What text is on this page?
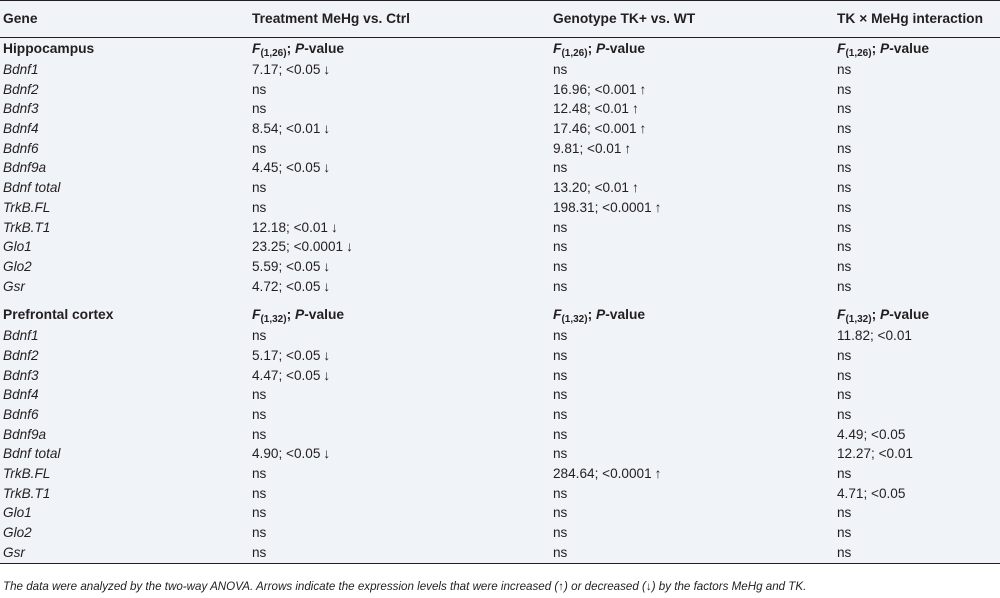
Gene	Treatment MeHg vs. Ctrl	Genotype TK+ vs. WT	TK × MeHg interaction
Hippocampus	$F_{(1,26)}$; P-value	$F_{(1,26)}$; P-value	$F_{(1,26)}$; P-value
Bdnf1	7.17; <0.05 ↓	ns	ns
Bdnf2	ns	16.96; <0.001 ↑	ns
Bdnf3	ns	12.48; <0.01 ↑	ns
Bdnf4	8.54; <0.01 ↓	17.46; <0.001 ↑	ns
Bdnf6	ns	9.81; <0.01 ↑	ns
Bdnf9a	4.45; <0.05 ↓	ns	ns
Bdnf total	ns	13.20; <0.01 ↑	ns
TrkB.FL	ns	198.31; <0.0001 ↑	ns
TrkB.T1	12.18; <0.01 ↓	ns	ns
Glo1	23.25; <0.0001 ↓	ns	ns
Glo2	5.59; <0.05 ↓	ns	ns
Gsr	4.72; <0.05 ↓	ns	ns
Prefrontal cortex	$F_{(1,32)}$; P-value	$F_{(1,32)}$; P-value	$F_{(1,32)}$; P-value
Bdnf1	ns	ns	11.82; <0.01
Bdnf2	5.17; <0.05 ↓	ns	ns
Bdnf3	4.47; <0.05 ↓	ns	ns
Bdnf4	ns	ns	ns
Bdnf6	ns	ns	ns
Bdnf9a	ns	ns	4.49; <0.05
Bdnf total	4.90; <0.05 ↓	ns	12.27; <0.01
TrkB.FL	ns	284.64; <0.0001 ↑	ns
TrkB.T1	ns	ns	4.71; <0.05
Glo1	ns	ns	ns
Glo2	ns	ns	ns
Gsr	ns	ns	ns
The data were analyzed by the two-way ANOVA. Arrows indicate the expression levels that were increased (↑) or decreased (↓) by the factors MeHg and TK.
